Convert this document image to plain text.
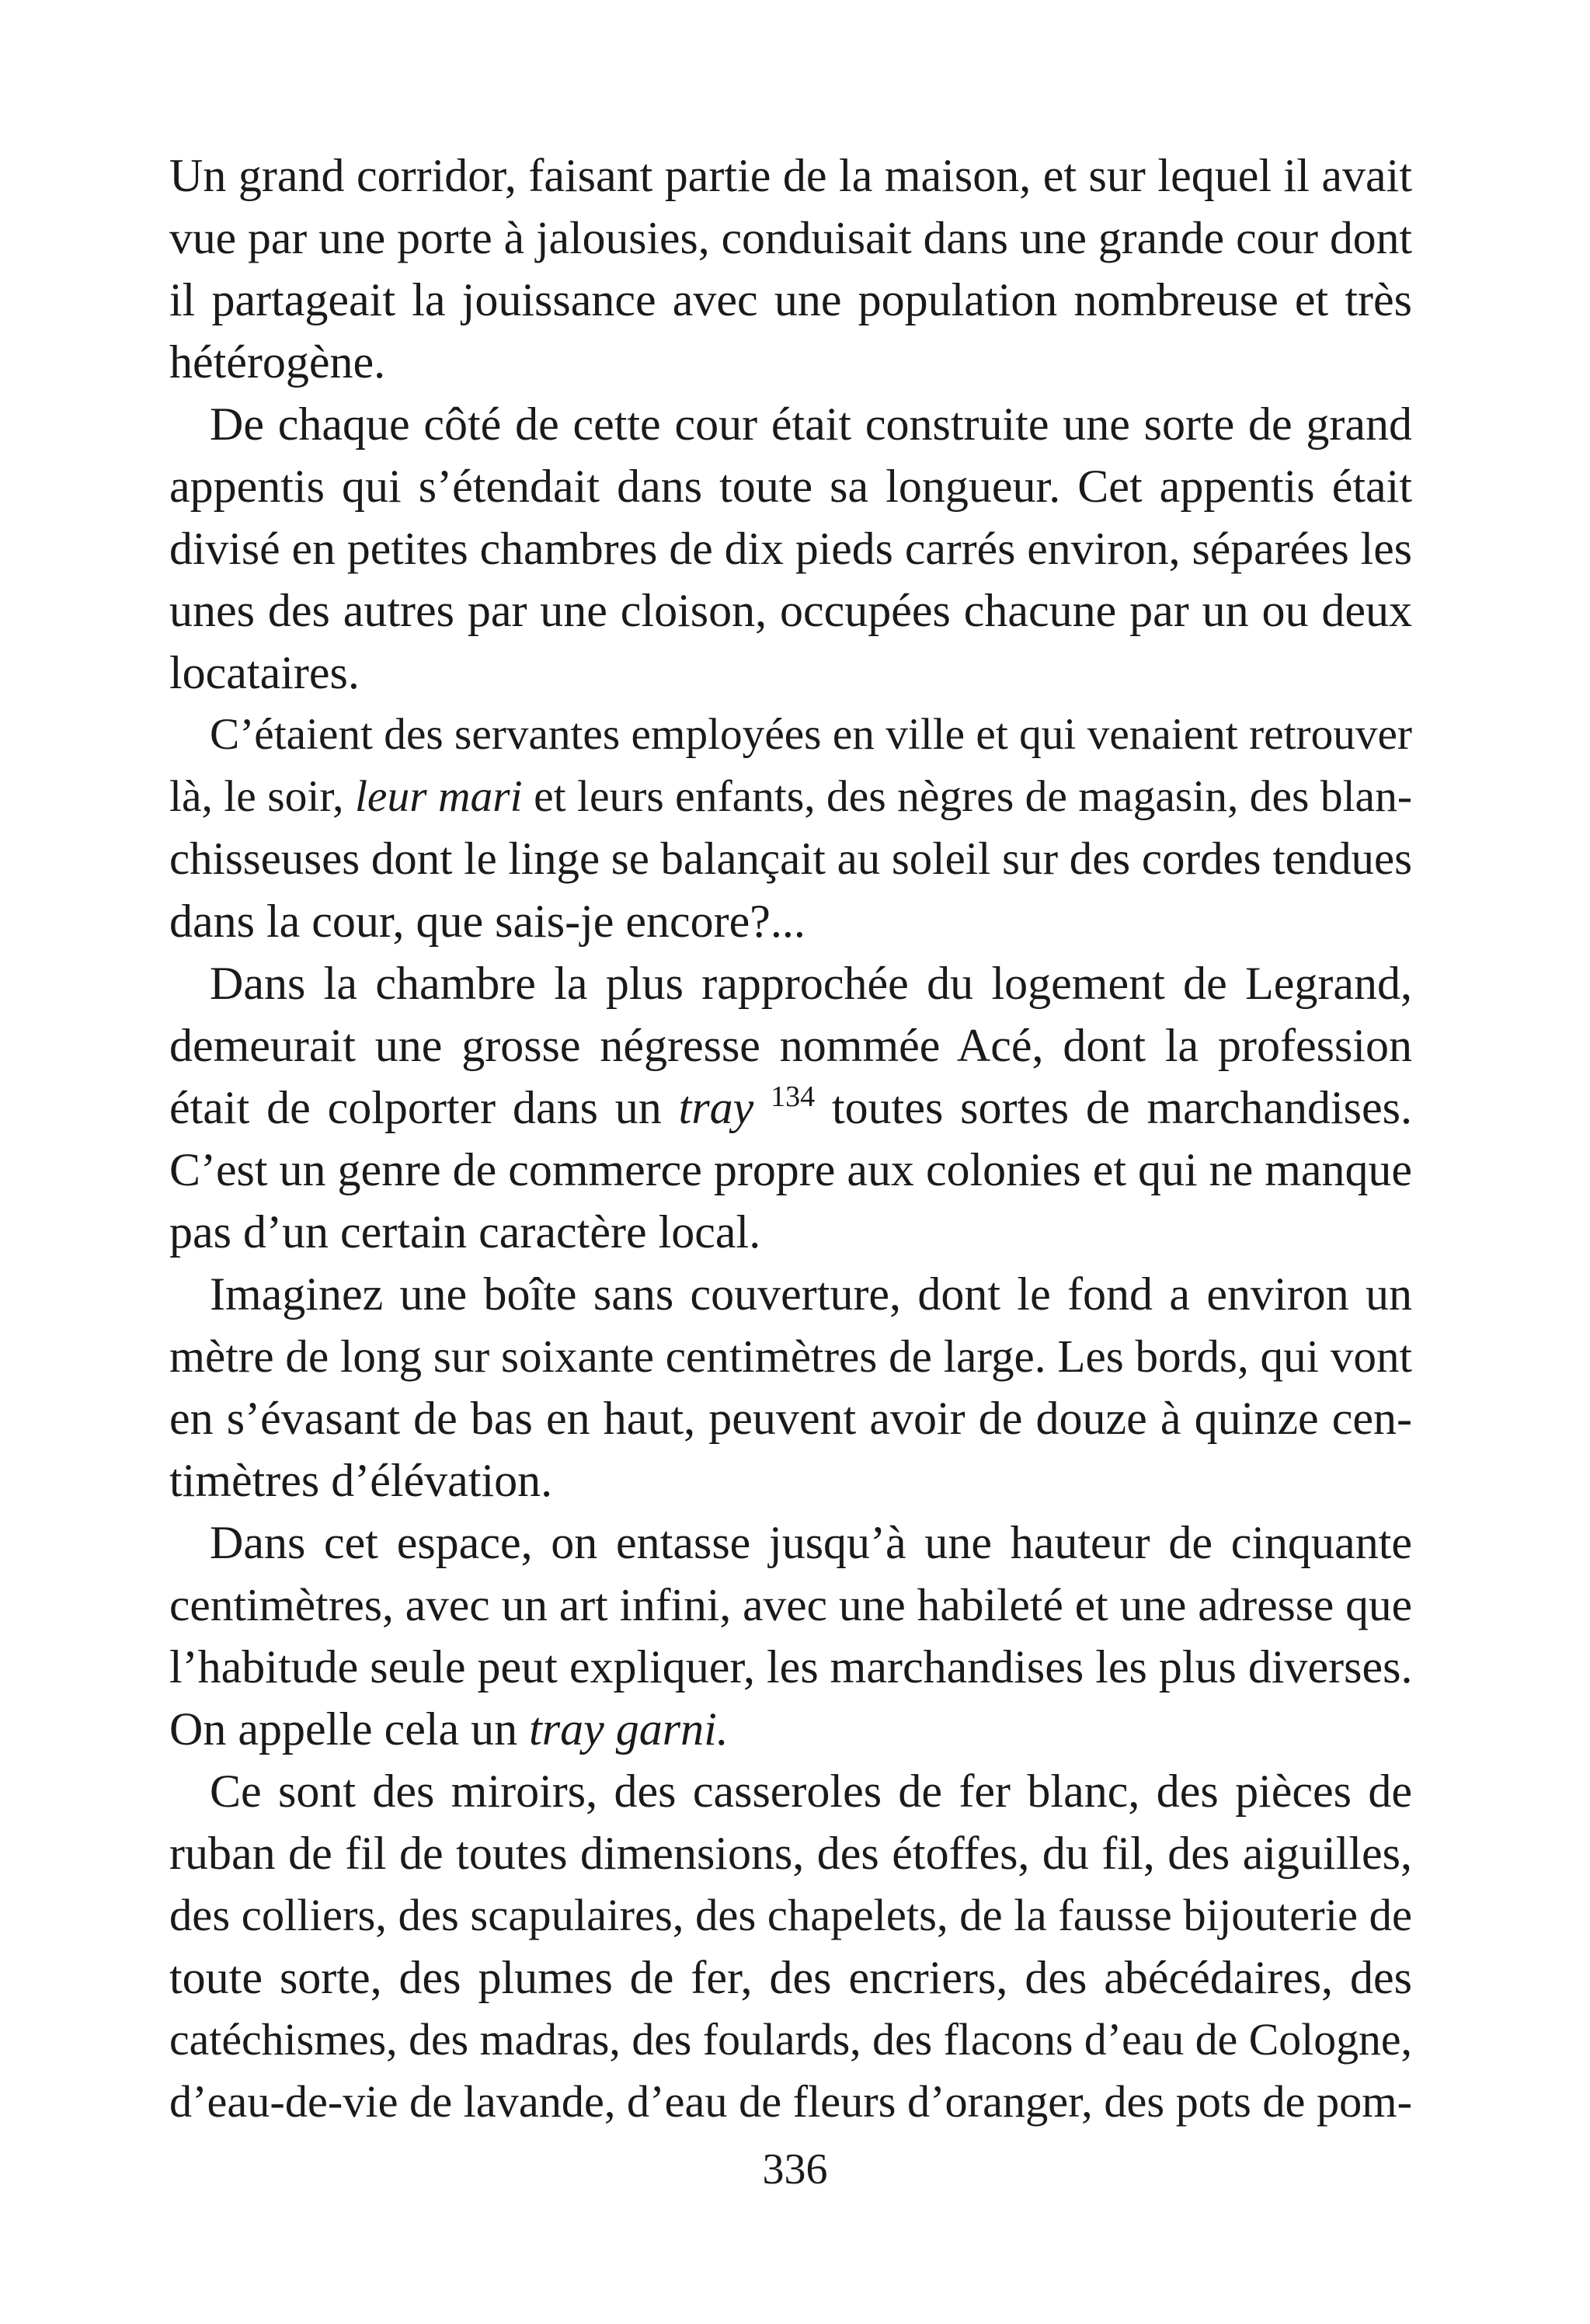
Un grand corridor, faisant partie de la maison, et sur lequel il avait
vue par une porte à jalousies, conduisait dans une grande cour dont
il partageait la jouissance avec une population nombreuse et très
hétérogène.

De chaque côté de cette cour était construite une sorte de grand
appentis qui s’étendait dans toute sa longueur. Cet appentis était
divisé en petites chambres de dix pieds carrés environ, séparées les
unes des autres par une cloison, occupées chacune par un ou deux
locataires.

C’étaient des servantes employées en ville et qui venaient retrouver
là, le soir, leur mari et leurs enfants, des nègres de magasin, des blan-
chisseuses dont le linge se balançait au soleil sur des cordes tendues
dans la cour, que sais-je encore?...

Dans la chambre la plus rapprochée du logement de Legrand,
demeurait une grosse négresse nommée Acé, dont la profession
était de colporter dans un tray $^{134}$ toutes sortes de marchandises.
C’est un genre de commerce propre aux colonies et qui ne manque
pas d’un certain caractère local.

Imaginez une boîte sans couverture, dont le fond a environ un
mètre de long sur soixante centimètres de large. Les bords, qui vont
en s’évasant de bas en haut, peuvent avoir de douze à quinze cen-
timètres d’élévation.

Dans cet espace, on entasse jusqu’à une hauteur de cinquante
centimètres, avec un art infini, avec une habileté et une adresse que
l’habitude seule peut expliquer, les marchandises les plus diverses.
On appelle cela un tray garni.

Ce sont des miroirs, des casseroles de fer blanc, des pièces de
ruban de fil de toutes dimensions, des étoffes, du fil, des aiguilles,
des colliers, des scapulaires, des chapelets, de la fausse bijouterie de
toute sorte, des plumes de fer, des encriers, des abécédaires, des
catéchismes, des madras, des foulards, des flacons d’eau de Cologne,
d’eau-de-vie de lavande, d’eau de fleurs d’oranger, des pots de pom-

336
